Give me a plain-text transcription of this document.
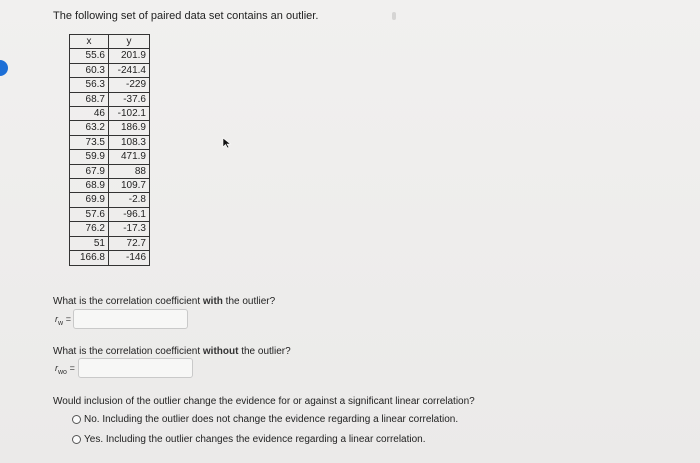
The following set of paired data set contains an outlier.
x	y
55.6	201.9
60.3	-241.4
56.3	-229
68.7	-37.6
46	-102.1
63.2	186.9
73.5	108.3
59.9	471.9
67.9	88
68.9	109.7
69.9	-2.8
57.6	-96.1
76.2	-17.3
51	72.7
166.8	-146
What is the correlation coefficient with the outlier?
$r_w$ =
What is the correlation coefficient without the outlier?
$r_{wo}$ =
Would inclusion of the outlier change the evidence for or against a significant linear correlation?
No. Including the outlier does not change the evidence regarding a linear correlation.
Yes. Including the outlier changes the evidence regarding a linear correlation.
